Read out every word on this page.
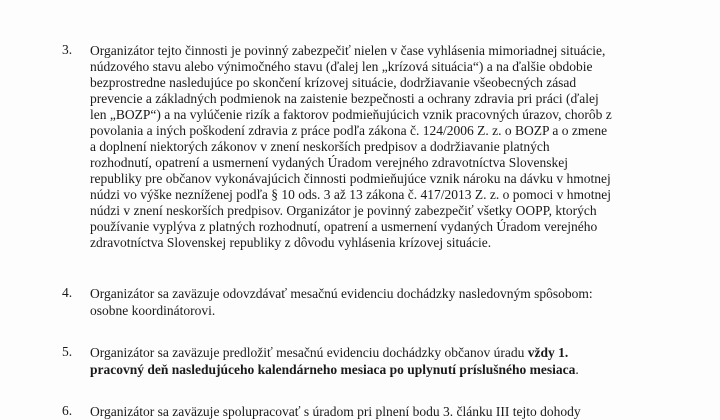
3. Organizátor tejto činnosti je povinný zabezpečiť nielen v čase vyhlásenia mimoriadnej situácie,
núdzového stavu alebo výnimočného stavu (ďalej len „krízová situácia“) a na ďalšie obdobie
bezprostredne nasledujúce po skončení krízovej situácie, dodržiavanie všeobecných zásad
prevencie a základných podmienok na zaistenie bezpečnosti a ochrany zdravia pri práci (ďalej
len „BOZP“) a na vylúčenie rizík a faktorov podmieňujúcich vznik pracovných úrazov, chorôb z
povolania a iných poškodení zdravia z práce podľa zákona č. 124/2006 Z. z. o BOZP a o zmene
a doplnení niektorých zákonov v znení neskorších predpisov a dodržiavanie platných
rozhodnutí, opatrení a usmernení vydaných Úradom verejného zdravotníctva Slovenskej
republiky pre občanov vykonávajúcich činnosti podmieňujúce vznik nároku na dávku v hmotnej
núdzi vo výške nezníženej podľa § 10 ods. 3 až 13 zákona č. 417/2013 Z. z. o pomoci v hmotnej
núdzi v znení neskorších predpisov. Organizátor je povinný zabezpečiť všetky OOPP, ktorých
používanie vyplýva z platných rozhodnutí, opatrení a usmernení vydaných Úradom verejného
zdravotníctva Slovenskej republiky z dôvodu vyhlásenia krízovej situácie.
4. Organizátor sa zaväzuje odovzdávať mesačnú evidenciu dochádzky nasledovným spôsobom:
osobne koordinátorovi.
5. Organizátor sa zaväzuje predložiť mesačnú evidenciu dochádzky občanov úradu vždy 1.
pracovný deň nasledujúceho kalendárneho mesiaca po uplynutí príslušného mesiaca.
6. Organizátor sa zaväzuje spolupracovať s úradom pri plnení bodu 3. článku III tejto dohody
